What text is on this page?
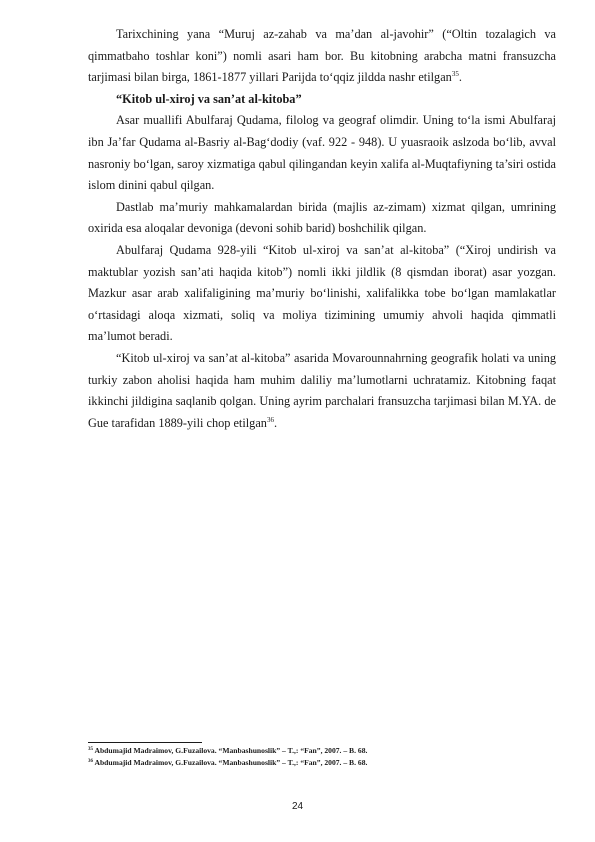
Tarixchining yana “Muruj az-zahab va ma’dan al-javohir” (“Oltin tozalagich va qimmatbaho toshlar koni”) nomli asari ham bor. Bu kitobning arabcha matni fransuzcha tarjimasi bilan birga, 1861-1877 yillari Parijda to‘qqiz jildda nashr etilgan$^{35}$.

“Kitob ul-xiroj va san’at al-kitoba”

Asar muallifi Abulfaraj Qudama, filolog va geograf olimdir. Uning to‘la ismi Abulfaraj ibn Ja’far Qudama al-Basriy al-Bag‘dodiy (vaf. 922 - 948). U yuasraoik aslzoda bo‘lib, avval nasroniy bo‘lgan, saroy xizmatiga qabul qilingandan keyin xalifa al-Muqtafiyning ta’siri ostida islom dinini qabul qilgan.

Dastlab ma’muriy mahkamalardan birida (majlis az-zimam) xizmat qilgan, umrining oxirida esa aloqalar devoniga (devoni sohib barid) boshchilik qilgan.

Abulfaraj Qudama 928-yili “Kitob ul-xiroj va san’at al-kitoba” (“Xiroj undirish va maktublar yozish san’ati haqida kitob”) nomli ikki jildlik (8 qismdan iborat) asar yozgan. Mazkur asar arab xalifaligining ma’muriy bo‘linishi, xalifalikka tobe bo‘lgan mamlakatlar o‘rtasidagi aloqa xizmati, soliq va moliya tizimining umumiy ahvoli haqida qimmatli ma’lumot beradi.

“Kitob ul-xiroj va san’at al-kitoba” asarida Movarounnahrning geografik holati va uning turkiy zabon aholisi haqida ham muhim daliliy ma’lumotlarni uchratamiz. Kitobning faqat ikkinchi jildigina saqlanib qolgan. Uning ayrim parchalari fransuzcha tarjimasi bilan M.YA. de Gue tarafidan 1889-yili chop etilgan$^{36}$.

$^{35}$ Abdumajid Madraimov, G.Fuzailova. “Manbashunoslik” – T.,: “Fan”, 2007. – B. 68.

$^{36}$ Abdumajid Madraimov, G.Fuzailova. “Manbashunoslik” – T.,: “Fan”, 2007. – B. 68.

24
